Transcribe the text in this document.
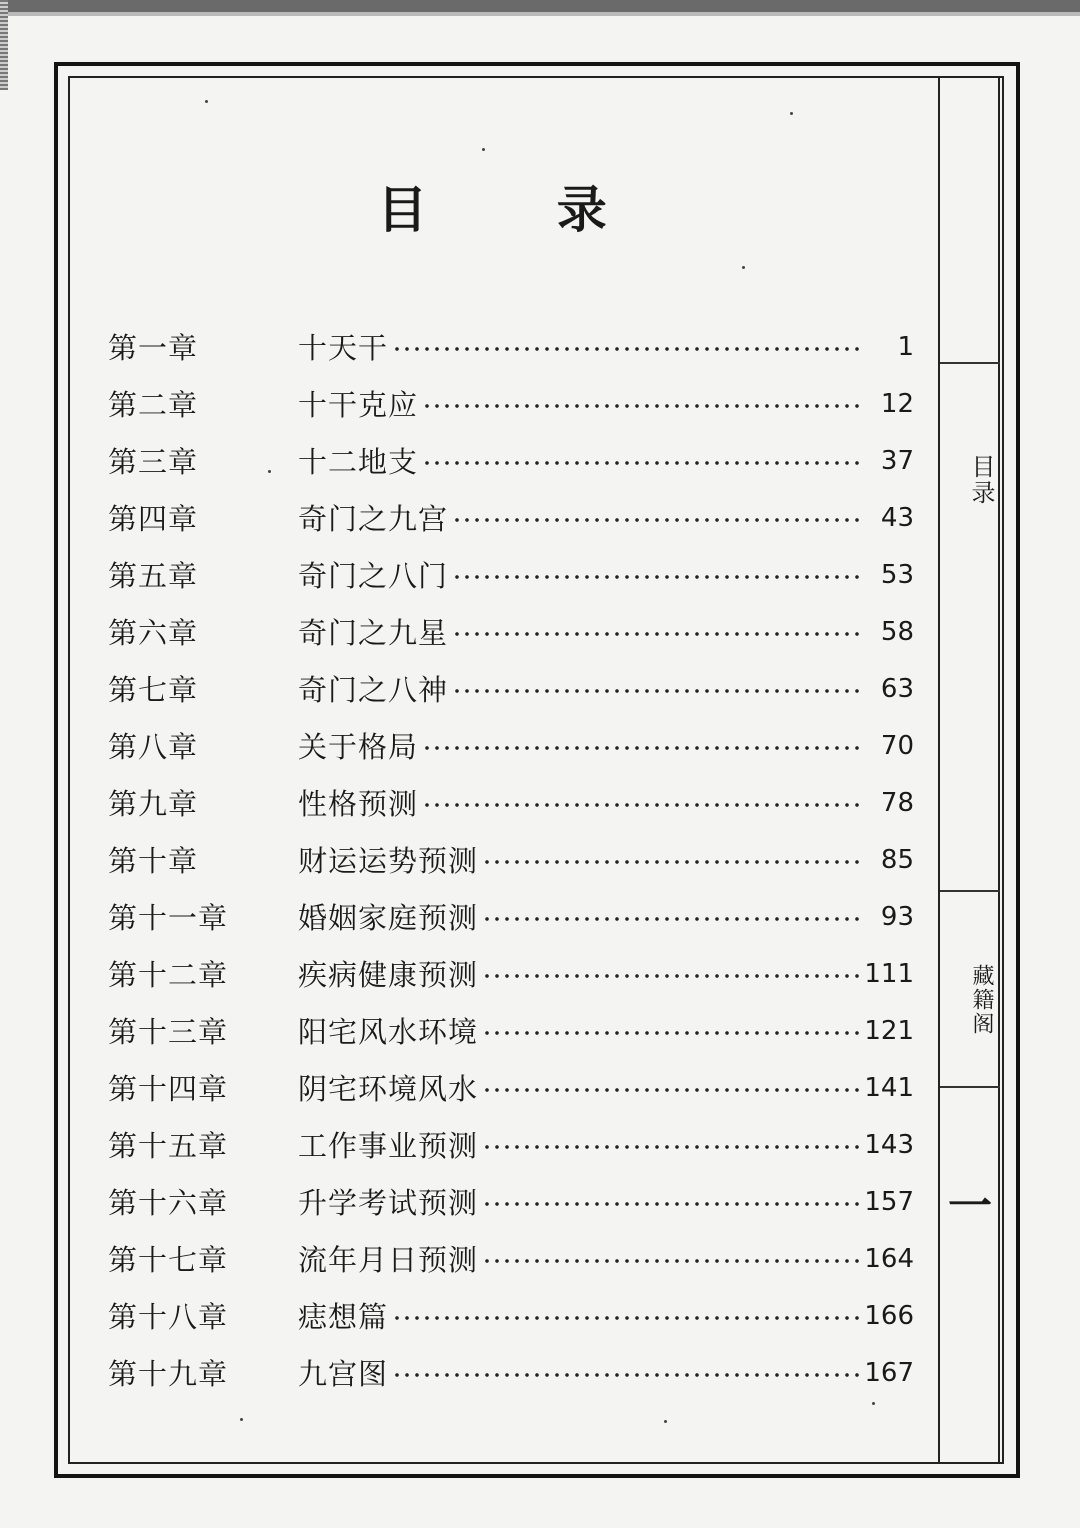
目录
藏籍阁
一
目 录
第一章	十天干	1
第二章	十干克应	12
第三章	十二地支	37
第四章	奇门之九宫	43
第五章	奇门之八门	53
第六章	奇门之九星	58
第七章	奇门之八神	63
第八章	关于格局	70
第九章	性格预测	78
第十章	财运运势预测	85
第十一章	婚姻家庭预测	93
第十二章	疾病健康预测	111
第十三章	阳宅风水环境	121
第十四章	阴宅环境风水	141
第十五章	工作事业预测	143
第十六章	升学考试预测	157
第十七章	流年月日预测	164
第十八章	痣想篇	166
第十九章	九宫图	167
